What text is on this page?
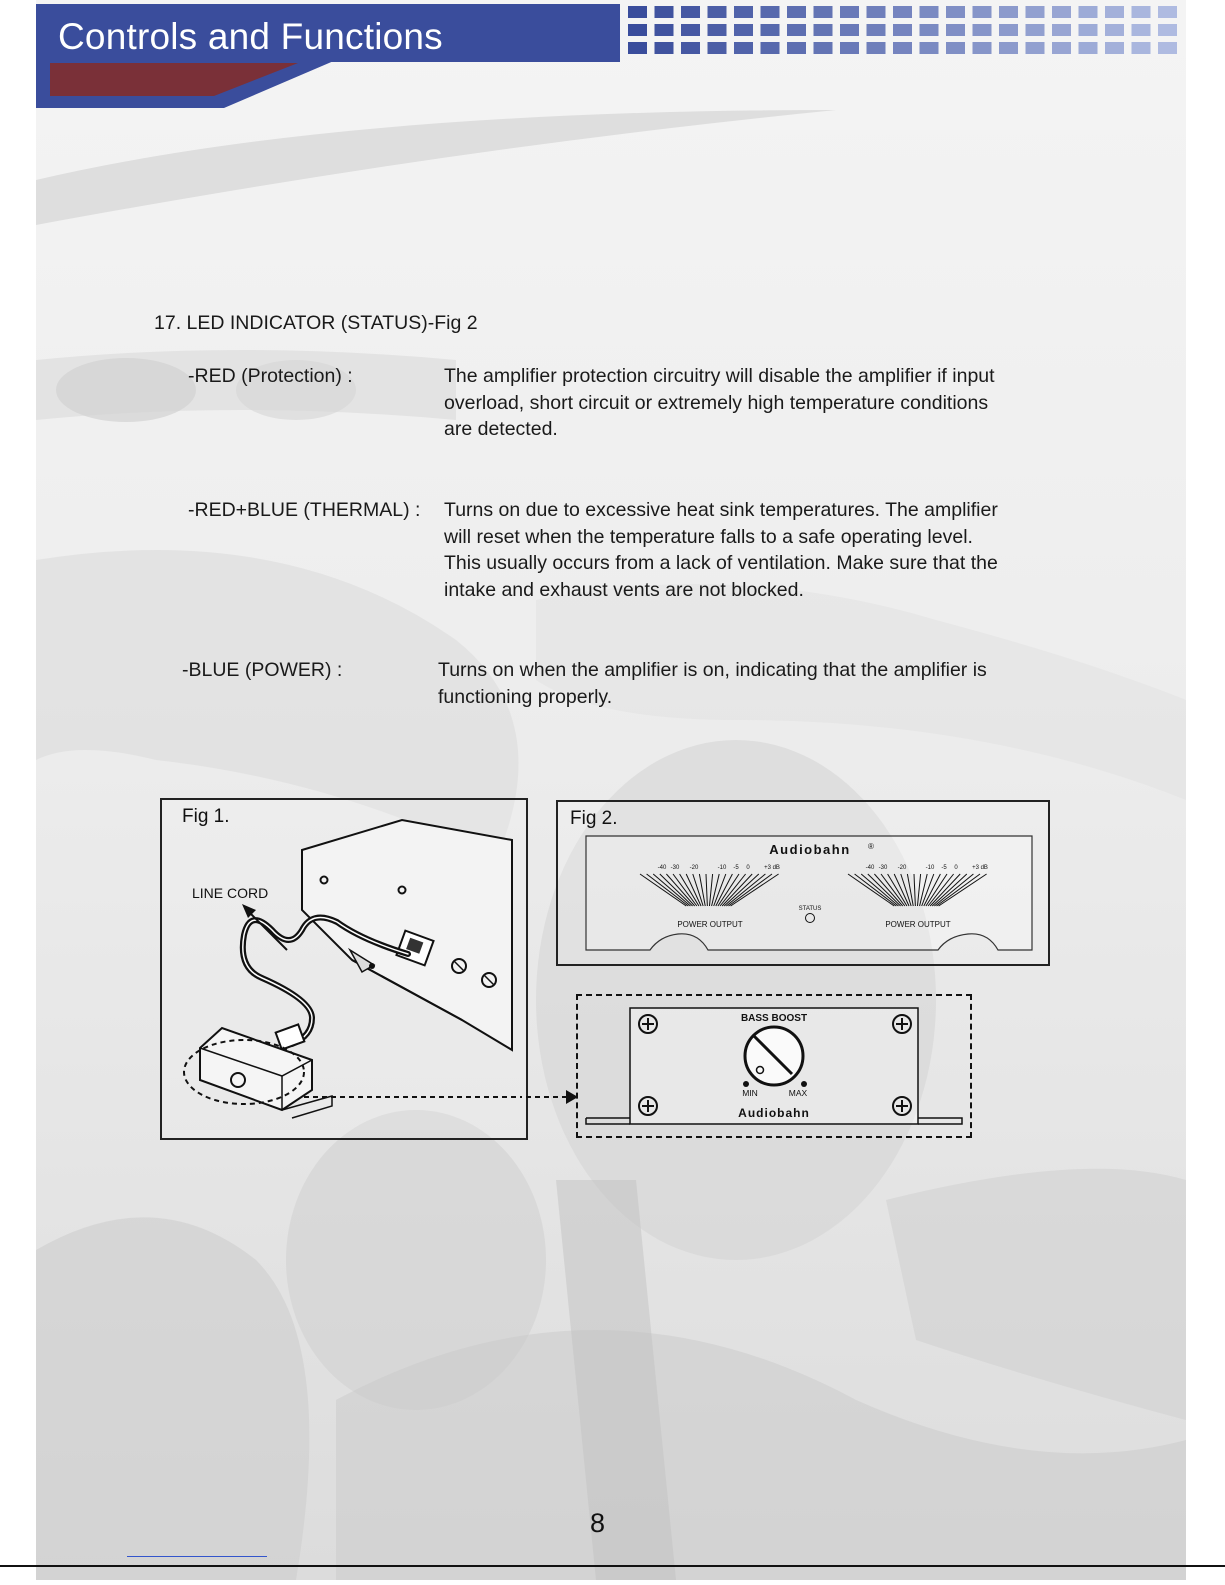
Controls and Functions
17. LED INDICATOR (STATUS)-Fig 2
-RED (Protection) :	The amplifier protection circuitry will disable the amplifier if input
overload, short circuit or extremely high temperature conditions
are detected.
-RED+BLUE (THERMAL) : Turns on due to excessive heat sink temperatures. The amplifier
will reset when the temperature falls to a safe operating level.
This usually occurs from a lack of ventilation. Make sure that the
intake and exhaust vents are not blocked.
-BLUE (POWER) :	Turns on when the amplifier is on, indicating that the amplifier is
functioning properly.
Fig 1.
LINE CORD
Fig 2.
Audiobahn ®
-40 -30 -20	-10 -5 0 +3 dB
POWER OUTPUT
-40 -30 -20	-10 -5 0 +3 dB
POWER OUTPUT
STATUS
BASS BOOST
MIN	MAX
Audiobahn
8
